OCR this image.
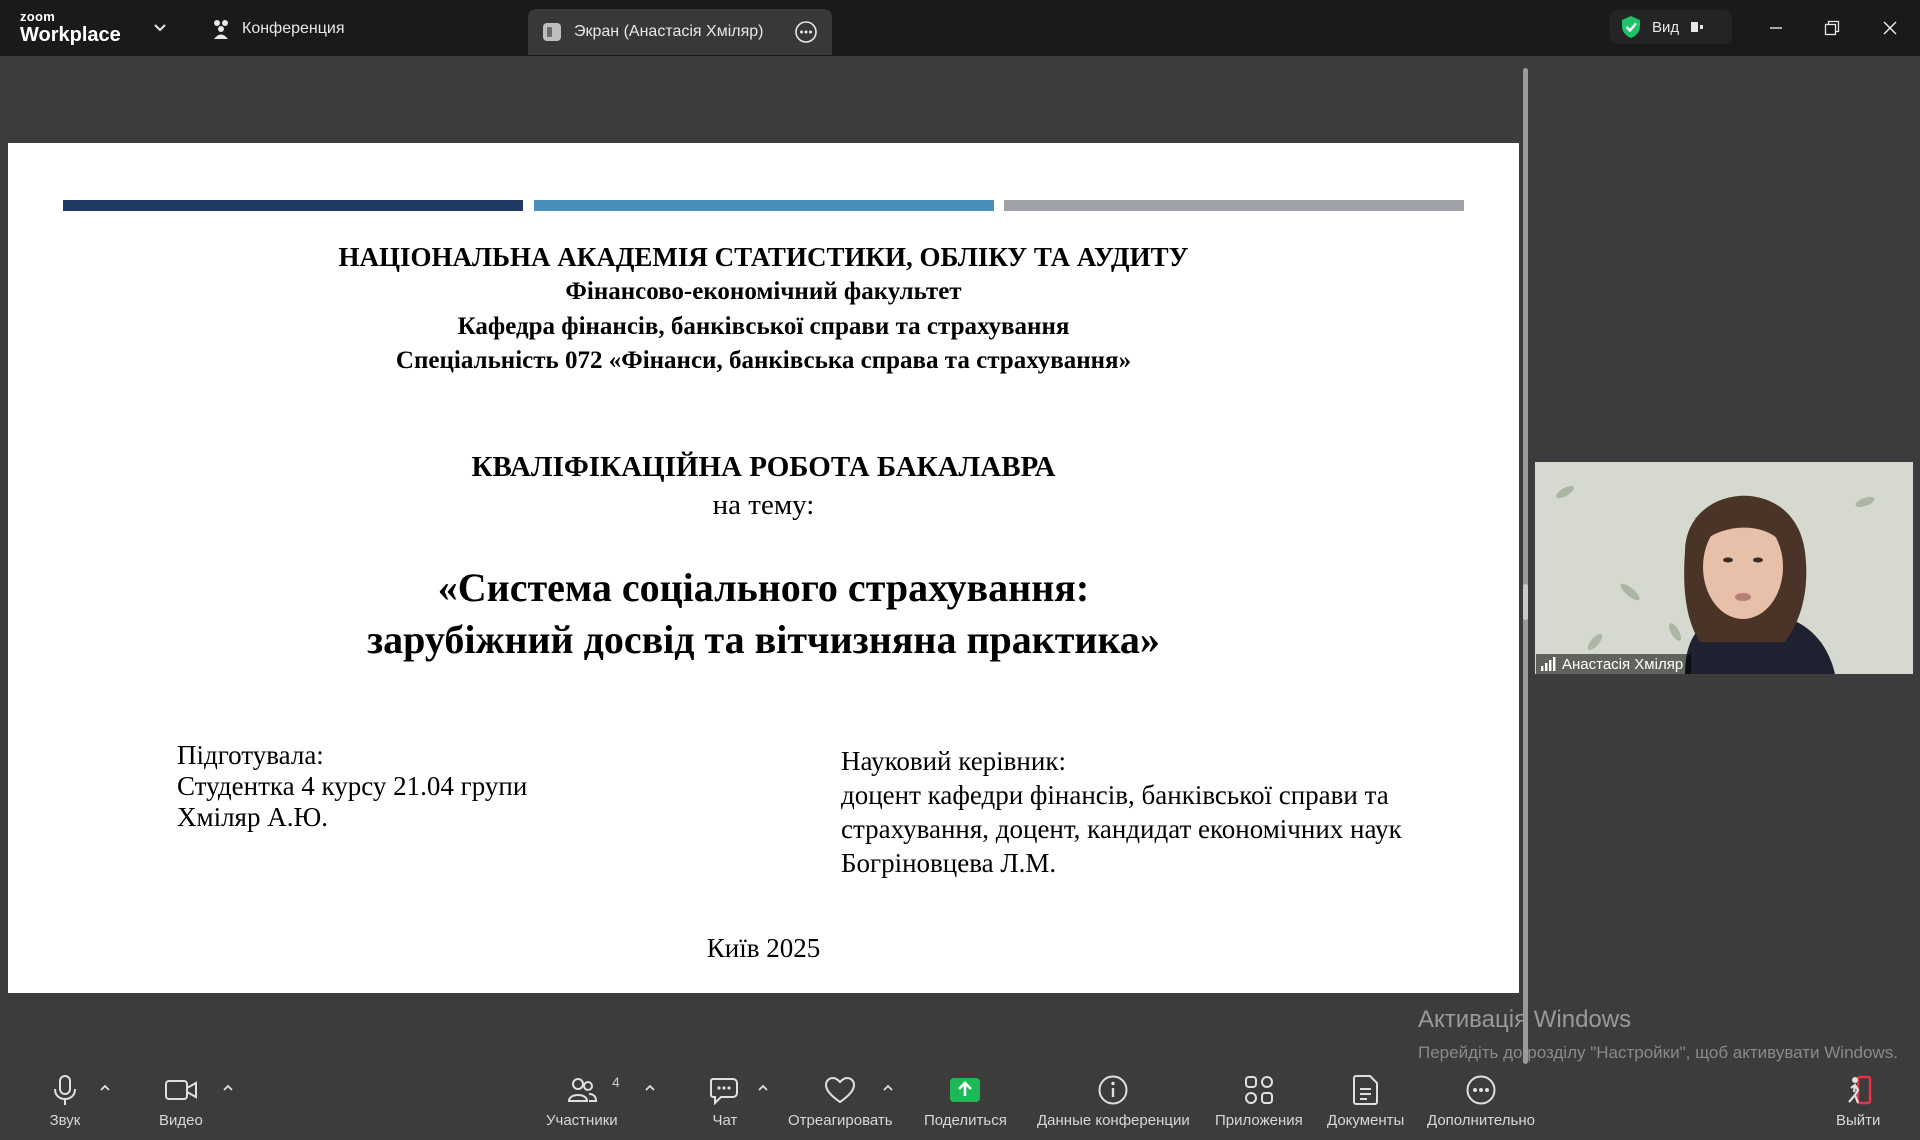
zoom
Workplace	Конференция	Экран (Анастасія Хміляр)	Вид
НАЦІОНАЛЬНА АКАДЕМІЯ СТАТИСТИКИ, ОБЛІКУ ТА АУДИТУ
Фінансово-економічний факультет
Кафедра фінансів, банківської справи та страхування
Спеціальність 072 «Фінанси, банківська справа та страхування»
КВАЛІФІКАЦІЙНА РОБОТА БАКАЛАВРА
на тему:
«Система соціального страхування:
зарубіжний досвід та вітчизняна практика»
Підготувала:
Студентка 4 курсу 21.04 групи
Хміляр А.Ю.
Науковий керівник:
доцент кафедри фінансів, банківської справи та
страхування, доцент, кандидат економічних наук
Богріновцева Л.М.
Київ 2025
Анастасія Хміляр
Активація Windows
Перейдіть до розділу "Настройки", щоб активувати Windows.
Звук	Видео
4
Участники	Чат	Отреагировать Поделиться Данные конференции Приложения Документы Дополнительно	Выйти
